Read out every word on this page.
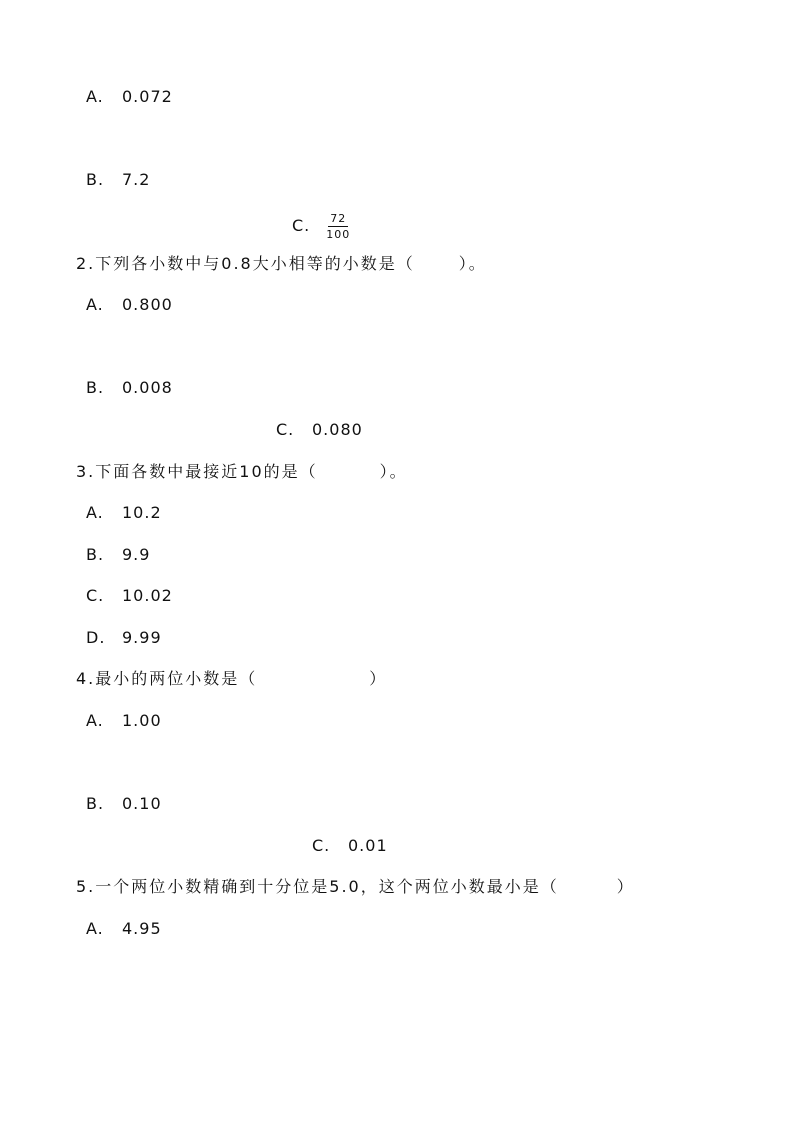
A. 0.072
B. 7.2
C. $\frac{72}{100}$
2.下列各小数中与0.8大小相等的小数是（	）。
A. 0.800
B. 0.008
C. 0.080
3.下面各数中最接近10的是（	）。
A. 10.2
B. 9.9
C. 10.02
D. 9.99
4.最小的两位小数是（	）
A. 1.00
B. 0.10
C. 0.01
5.一个两位小数精确到十分位是5.0，这个两位小数最小是（	）
A. 4.95
